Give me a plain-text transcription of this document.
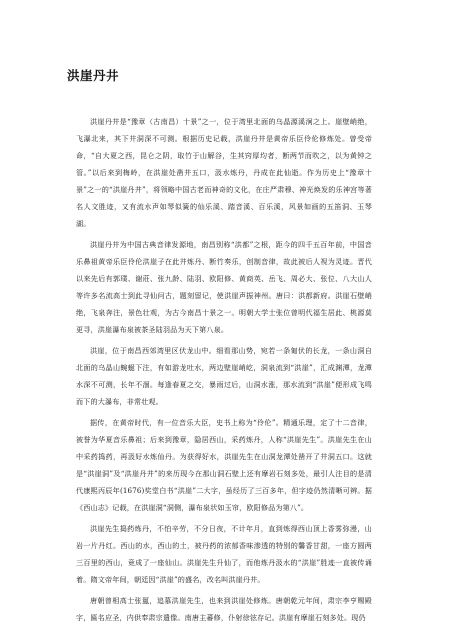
洪崖丹井

洪崖丹井是“豫章（古南昌）十景”之一，位于湾里北面的乌晶源溪涧之上。崖壁峭绝，飞瀑北来，其下井洞深不可测。根据历史记载，洪崖丹井是黄帝乐臣伶伦修炼处。曾受帝命，“自大夏之西，昆仑之阴，取竹于山解谷，生其窍厚均者，断两节而吹之，以为黄钟之管。”以后来到梅岭，在洪崖处凿井五口，汲水炼丹，丹成在此仙逝。作为历史上“豫章十景”之一的“洪崖丹井”，将领略中国古老而神奇的文化，在庄严肃穆、神光焕发的乐神宫等著名人文胜迹，又有流水声如琴似簧的仙乐溪、踏音溪、百乐溪，风景如画的五笛洞、玉琴湖。

洪崖丹井为中国古典音律发源地，南昌别称“洪都”之根，距今的四千五百年前，中国音乐鼻祖黄帝乐臣伶伦洪崖子在此井炼丹、断竹奏乐，创制音律，故此被后人视为灵迹。晋代以来先后有郭璞、谢莊、张九龄、陆羽、欧阳修、黄商英、岳飞、周必大、张位、八大山人等许多名流高士到此寻仙问古，题刻留记，使洪崖声振神州。唐曰：洪都新府。洪崖石壁峭绝，飞泉奔注，景色壮观，为古今南昌十景之一。明朝大学士张位曾明代福生居此、桃源莫更寻，洪崖瀑布泉被茶圣陆羽品为天下第八泉。

洪崖，位于南昌西郊湾里区伏龙山中。细看那山势，宛若一条匍伏的长龙，一条山洞自北面的乌晶山蜿蜒下注，有如游龙吐水，两边壁崖峭屹，洞泉流到“洪崖”，汇成渊潭，龙潭水深不可测，长年不涸。每逢春夏之交，暴雨过后，山洞水涨，那水流到“洪崖”便形成飞鸣而下的大瀑布，非常壮观。

据传，在黄帝时代，有一位音乐大臣，史书上称为“伶伦”。精通乐理，定了十二音律，被誉为华夏音乐鼻祖；后来到豫章，隐居西山，采药炼丹，人称“洪崖先生”。洪崖先生在山中采药捣药，再汲好水炼仙丹。为获得好水，洪崖先生在山洞龙潭处凿开了井洞五口。这就是“洪崖洞”及“洪崖丹井”的来历现今在那山洞石壁上还有摩岩石刻多处，最引人注目的是清代康熙丙辰年(1676)奖堂白书“洪崖”二大字，虽经历了三百多年，但字迹仍然清晰可辨。据《西山志》记载，在洪崖洞“洞侧，瀑布泉状如玉帘，欧阳修品为第八”。

洪崖先生捣药炼丹，不怕辛劳，不分日夜，不计年月，直到炼得西山顶上香雾弥漫，山岩一片丹红。西山的水，西山的土，被丹药的浓郁香味渗透的特别的馨香甘甜，一座方圆两三百里的西山，竟成了一座仙山。洪崖先生升仙了，而他炼丹汲水的“洪崖”胜迹一直被传诵着。隋文帝年间，朝廷因“洪崖”的盛名，改名叫洪崖丹井。

唐朝曾相高士张氲，追慕洪崖先生，也来到洪崖处修炼。唐朝乾元年间，肃宗李亨赐殿字，匾名应圣，内供奉肃宗遣像。南唐主蕃修，仆射徐铉存记。洪崖有摩崖石刻多处。现仍
